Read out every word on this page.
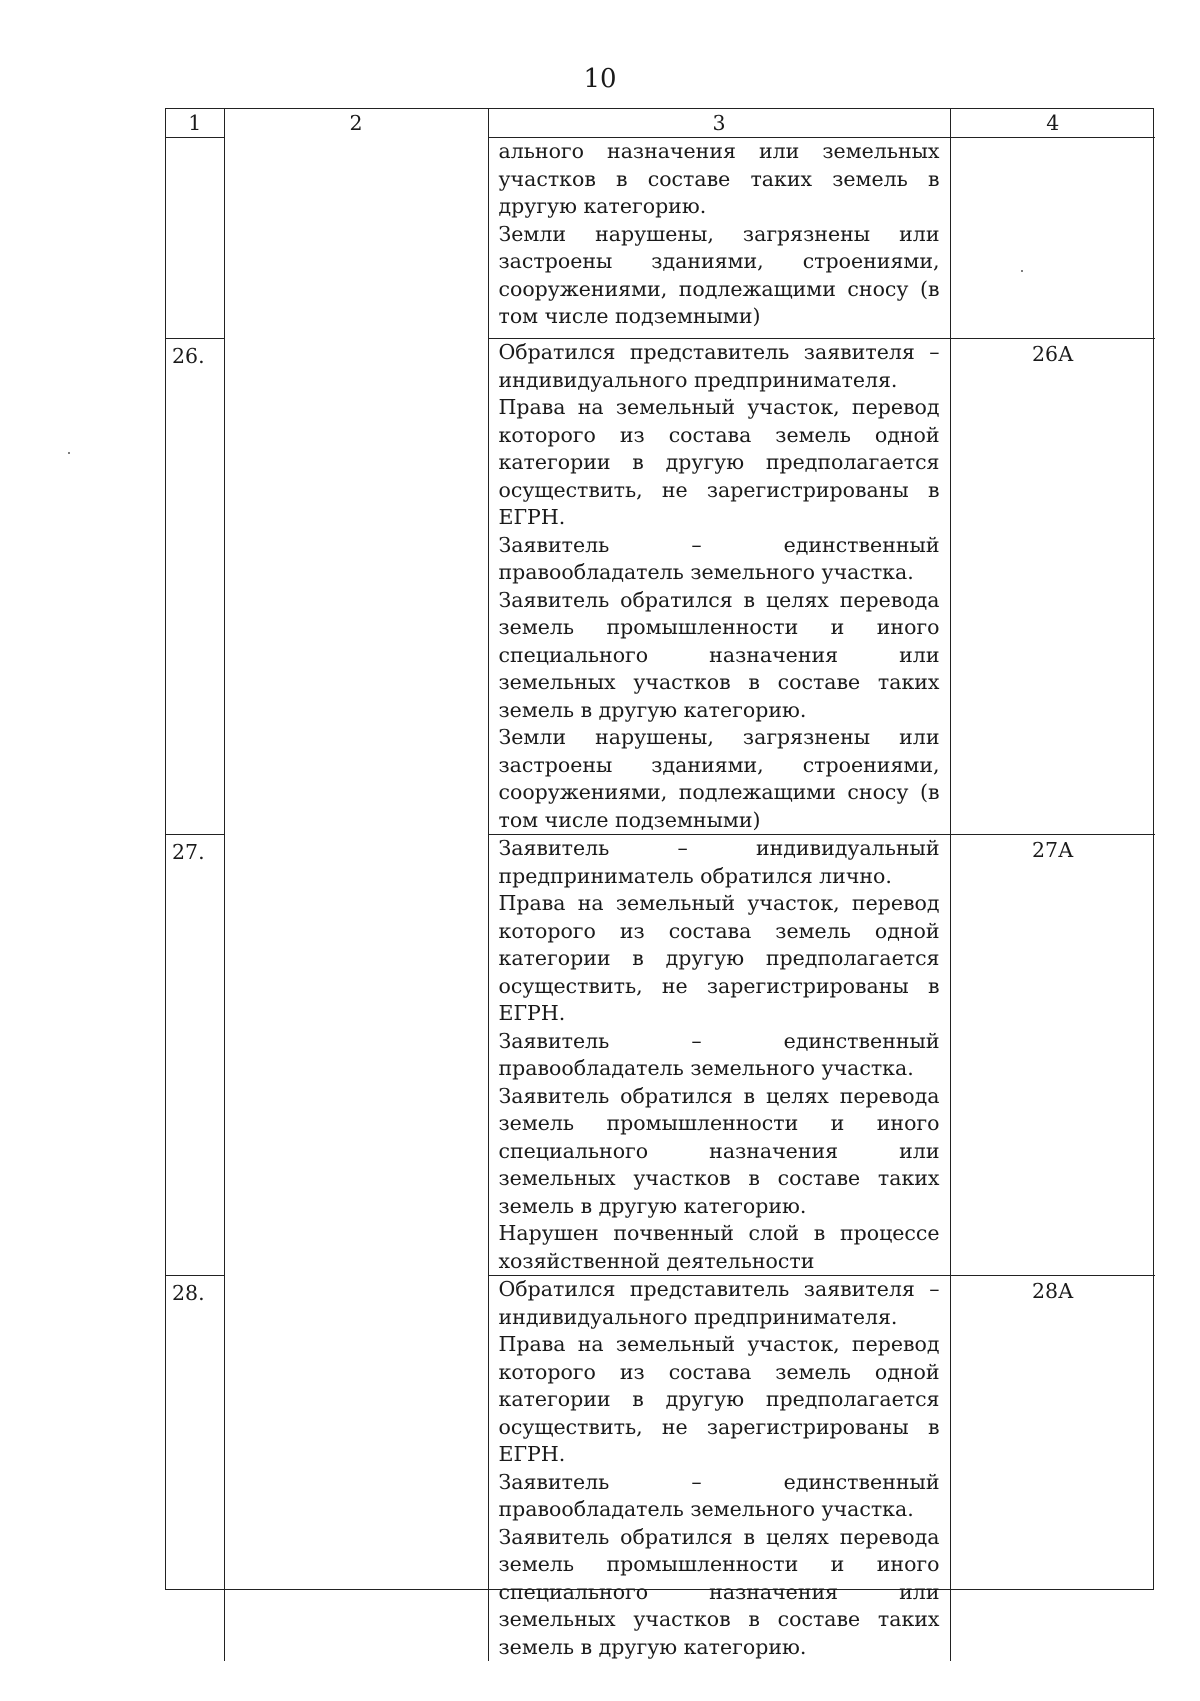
10
1	2	3	4

		ального назначения или земельных участков в составе таких земель в другую категорию.

Земли нарушены, загрязнены или застроены зданиями, строениями, сооружениями, подлежащими сносу (в том числе подземными)	

26.		Обратился представитель заявителя – индивидуального предпринимателя.

Права на земельный участок, перевод которого из состава земель одной категории в другую предполагается осуществить, не зарегистрированы в ЕГРН.

Заявитель – единственный правообладатель земельного участка.

Заявитель обратился в целях перевода земель промышленности и иного специального назначения или земельных участков в составе таких земель в другую категорию.

Земли нарушены, загрязнены или застроены зданиями, строениями, сооружениями, подлежащими сносу (в том числе подземными)	26А
27.		Заявитель – индивидуальный предприниматель обратился лично.

Права на земельный участок, перевод которого из состава земель одной категории в другую предполагается осуществить, не зарегистрированы в ЕГРН.

Заявитель – единственный правообладатель земельного участка.

Заявитель обратился в целях перевода земель промышленности и иного специального назначения или земельных участков в составе таких земель в другую категорию.

Нарушен почвенный слой в процессе хозяйственной деятельности	27А
28.		Обратился представитель заявителя – индивидуального предпринимателя.

Права на земельный участок, перевод которого из состава земель одной категории в другую предполагается осуществить, не зарегистрированы в ЕГРН.

Заявитель – единственный правообладатель земельного участка.

Заявитель обратился в целях перевода земель промышленности и иного специального назначения или земельных участков в составе таких земель в другую категорию.	28А
